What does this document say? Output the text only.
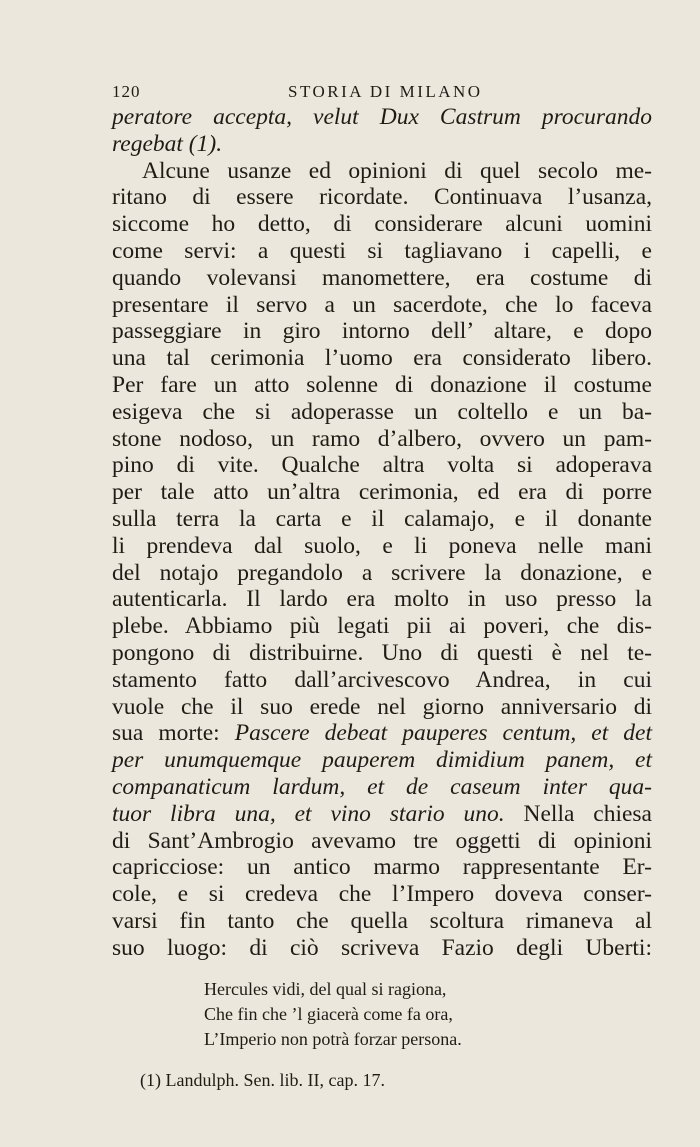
120	STORIA DI MILANO
peratore accepta, velut Dux Castrum procurando
regebat (1).
Alcune usanze ed opinioni di quel secolo me-
ritano di essere ricordate. Continuava l’usanza,
siccome ho detto, di considerare alcuni uomini
come servi: a questi si tagliavano i capelli, e
quando volevansi manomettere, era costume di
presentare il servo a un sacerdote, che lo faceva
passeggiare in giro intorno dell’ altare, e dopo
una tal cerimonia l’uomo era considerato libero.
Per fare un atto solenne di donazione il costume
esigeva che si adoperasse un coltello e un ba-
stone nodoso, un ramo d’albero, ovvero un pam-
pino di vite. Qualche altra volta si adoperava
per tale atto un’altra cerimonia, ed era di porre
sulla terra la carta e il calamajo, e il donante
li prendeva dal suolo, e li poneva nelle mani
del notajo pregandolo a scrivere la donazione, e
autenticarla. Il lardo era molto in uso presso la
plebe. Abbiamo più legati pii ai poveri, che dis-
pongono di distribuirne. Uno di questi è nel te-
stamento fatto dall’arcivescovo Andrea, in cui
vuole che il suo erede nel giorno anniversario di
sua morte: Pascere debeat pauperes centum, et det
per unumquemque pauperem dimidium panem, et
companaticum lardum, et de caseum inter qua-
tuor libra una, et vino stario uno. Nella chiesa
di Sant’Ambrogio avevamo tre oggetti di opinioni
capricciose: un antico marmo rappresentante Er-
cole, e si credeva che l’Impero doveva conser-
varsi fin tanto che quella scoltura rimaneva al
suo luogo: di ciò scriveva Fazio degli Uberti:
Hercules vidi, del qual si ragiona,
Che fin che ’l giacerà come fa ora,
L’Imperio non potrà forzar persona.
(1) Landulph. Sen. lib. II, cap. 17.
